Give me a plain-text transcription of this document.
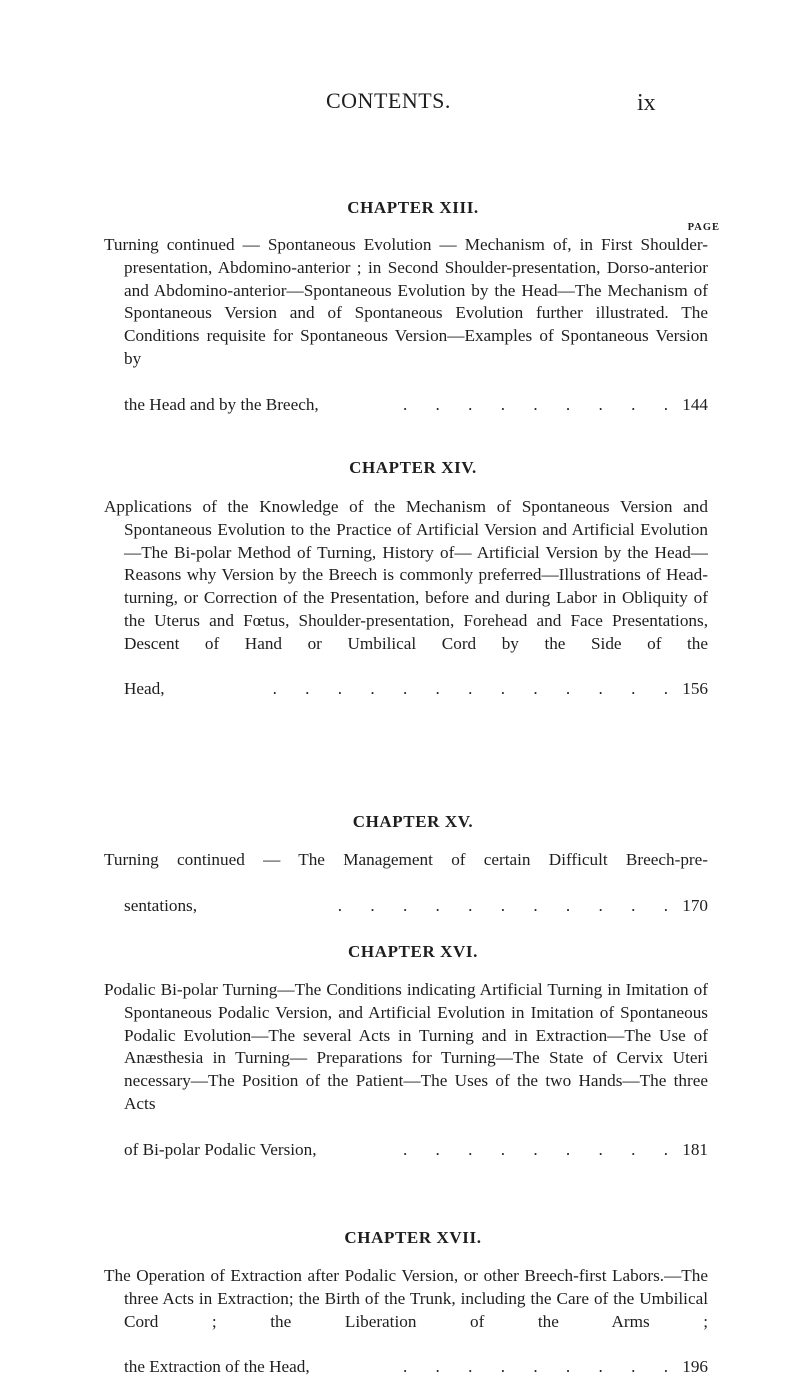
CONTENTS.	ix
PAGE
CHAPTER XIII.

Turning continued — Spontaneous Evolution — Mechanism of, in First Shoulder-presentation, Abdomino-anterior ; in Second Shoulder-presentation, Dorso-anterior and Abdomino-anterior—Spontaneous Evolution by the Head—The Mechanism of Spontaneous Version and of Spontaneous Evolution further illustrated. The Conditions requisite for Spontaneous Version—Examples of Spontaneous Version by

the Head and by the Breech,	. . . . . . . . . 144
CHAPTER XIV.

Applications of the Knowledge of the Mechanism of Spontaneous Version and Spontaneous Evolution to the Practice of Artificial Version and Artificial Evolution—The Bi-polar Method of Turning, History of— Artificial Version by the Head—Reasons why Version by the Breech is commonly preferred—Illustrations of Head-turning, or Correction of the Presentation, before and during Labor in Obliquity of the Uterus and Fœtus, Shoulder-presentation, Forehead and Face Presentations, Descent of Hand or Umbilical Cord by the Side of the

Head,	. . . . . . . . . . . . . 156
CHAPTER XV.

Turning continued — The Management of certain Difficult Breech-pre-

sentations,	. . . . . . . . . . . 170
CHAPTER XVI.

Podalic Bi-polar Turning—The Conditions indicating Artificial Turning in Imitation of Spontaneous Podalic Version, and Artificial Evolution in Imitation of Spontaneous Podalic Evolution—The several Acts in Turning and in Extraction—The Use of Anæsthesia in Turning— Preparations for Turning—The State of Cervix Uteri necessary—The Position of the Patient—The Uses of the two Hands—The three Acts

of Bi-polar Podalic Version,	. . . . . . . . . 181
CHAPTER XVII.

The Operation of Extraction after Podalic Version, or other Breech-first Labors.—The three Acts in Extraction; the Birth of the Trunk, including the Care of the Umbilical Cord ; the Liberation of the Arms ;

the Extraction of the Head,	. . . . . . . . . 196
